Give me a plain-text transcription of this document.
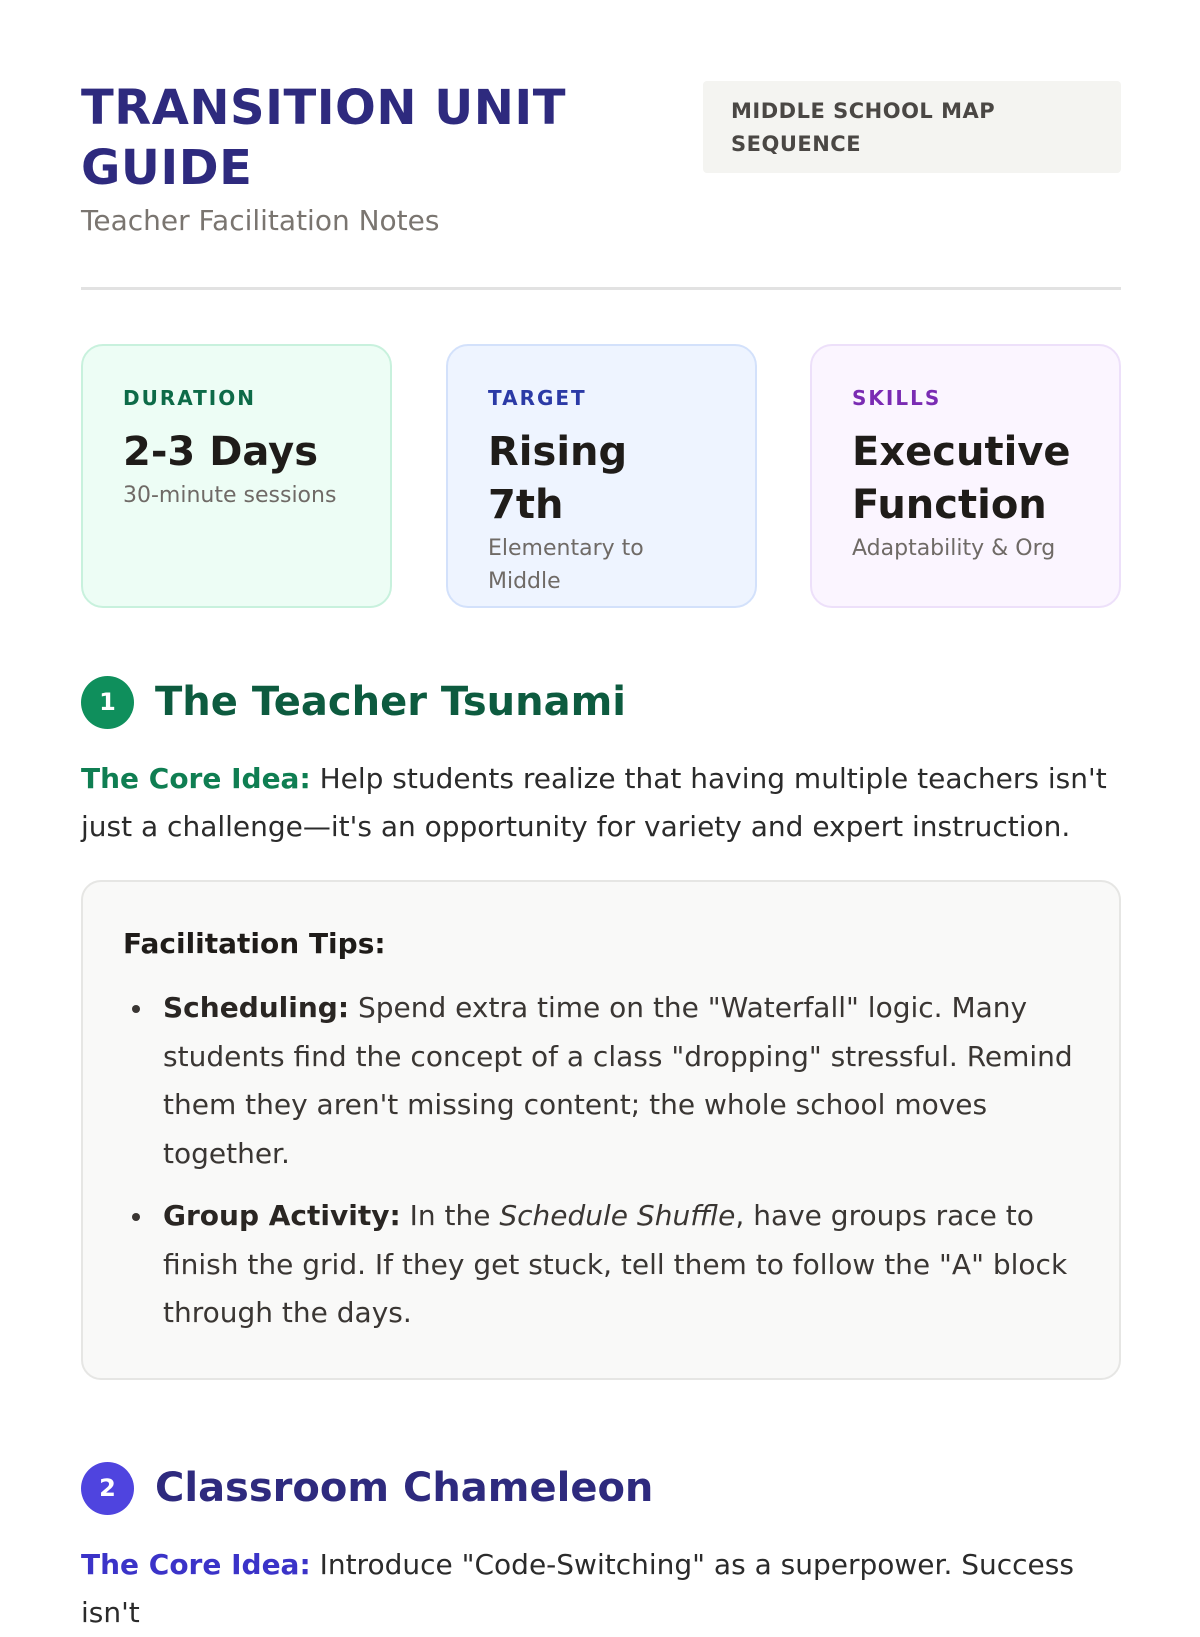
TRANSITION UNIT GUIDE
Teacher Facilitation Notes
MIDDLE SCHOOL MAP SEQUENCE
DURATION
2-3 Days
30-minute sessions
TARGET
Rising 7th
Elementary to Middle
SKILLS
Executive Function
Adaptability & Org
1 The Teacher Tsunami
The Core Idea: Help students realize that having multiple teachers isn't just a challenge—it's an opportunity for variety and expert instruction.
Facilitation Tips:
Scheduling: Spend extra time on the "Waterfall" logic. Many students find the concept of a class "dropping" stressful. Remind them they aren't missing content; the whole school moves together.
Group Activity: In the Schedule Shuffle, have groups race to finish the grid. If they get stuck, tell them to follow the "A" block through the days.
2 Classroom Chameleon
The Core Idea: Introduce "Code-Switching" as a superpower. Success isn't
